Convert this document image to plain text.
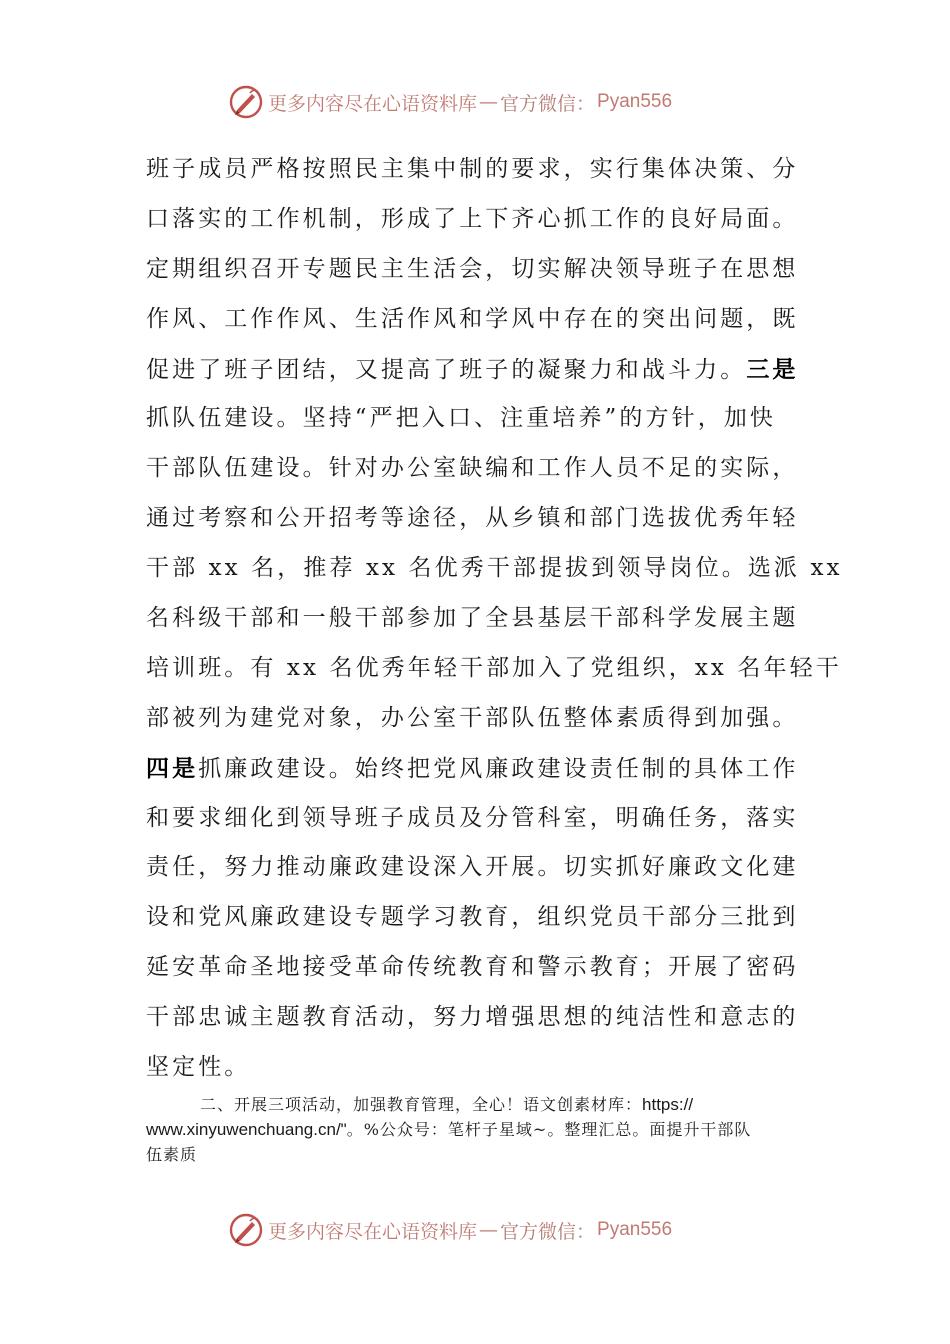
更多内容尽在心语资料库 — 官方微信： Pyan556
班子成员严格按照民主集中制的要求，实行集体决策、分
口落实的工作机制，形成了上下齐心抓工作的良好局面。
定期组织召开专题民主生活会，切实解决领导班子在思想
作风、工作作风、生活作风和学风中存在的突出问题，既
促进了班子团结，又提高了班子的凝聚力和战斗力。三是
抓队伍建设。坚持“严把入口、注重培养”的方针，加快
干部队伍建设。针对办公室缺编和工作人员不足的实际，
通过考察和公开招考等途径，从乡镇和部门选拔优秀年轻
干部 xx 名，推荐 xx 名优秀干部提拔到领导岗位。选派 xx
名科级干部和一般干部参加了全县基层干部科学发展主题
培训班。有 xx 名优秀年轻干部加入了党组织，xx 名年轻干
部被列为建党对象，办公室干部队伍整体素质得到加强。
四是抓廉政建设。始终把党风廉政建设责任制的具体工作
和要求细化到领导班子成员及分管科室，明确任务，落实
责任，努力推动廉政建设深入开展。切实抓好廉政文化建
设和党风廉政建设专题学习教育，组织党员干部分三批到
延安革命圣地接受革命传统教育和警示教育；开展了密码
干部忠诚主题教育活动，努力增强思想的纯洁性和意志的
坚定性。
二、开展三项活动，加强教育管理，全心！语文创素材库：https://
www.xinyuwenchuang.cn/"。%公众号：笔杆子星域~。整理汇总。面提升干部队
伍素质
更多内容尽在心语资料库 — 官方微信： Pyan556
